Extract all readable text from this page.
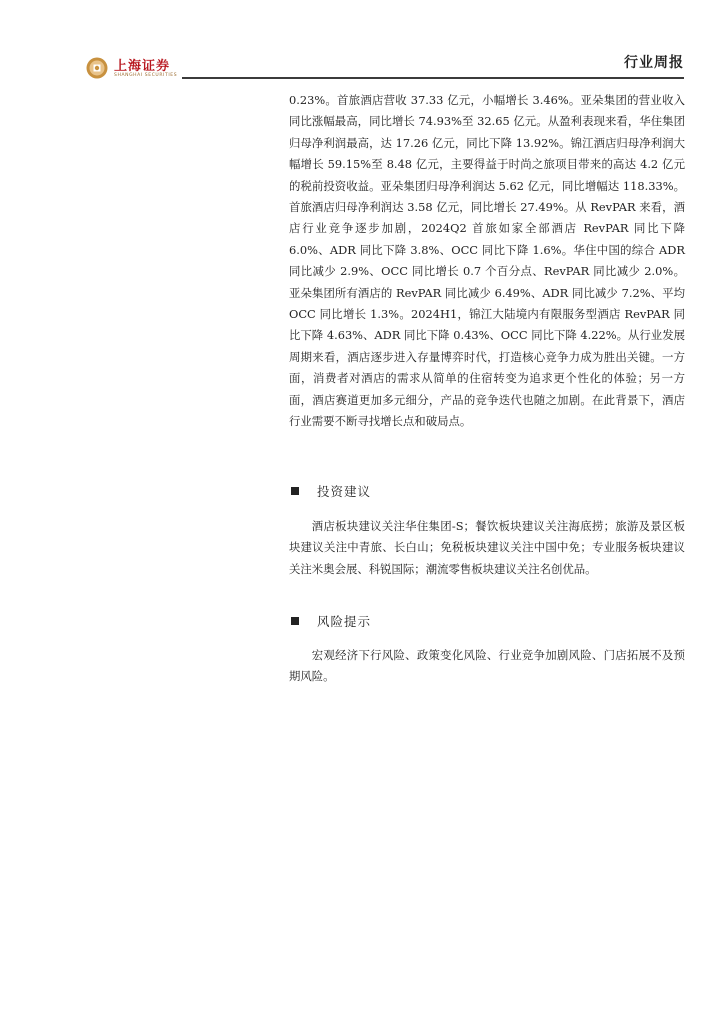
上海证券
SHANGHAI SECURITIES
行业周报

0.23%。首旅酒店营收 37.33 亿元，小幅增长 3.46%。亚朵集团的营业收入同比涨幅最高，同比增长 74.93%至 32.65 亿元。从盈利表现来看，华住集团归母净利润最高，达 17.26 亿元，同比下降 13.92%。锦江酒店归母净利润大幅增长 59.15%至 8.48 亿元，主要得益于时尚之旅项目带来的高达 4.2 亿元的税前投资收益。亚朵集团归母净利润达 5.62 亿元，同比增幅达 118.33%。首旅酒店归母净利润达 3.58 亿元，同比增长 27.49%。从 RevPAR 来看，酒店行业竞争逐步加剧，2024Q2 首旅如家全部酒店 RevPAR 同比下降 6.0%、ADR 同比下降 3.8%、OCC 同比下降 1.6%。华住中国的综合 ADR 同比减少 2.9%、OCC 同比增长 0.7 个百分点、RevPAR 同比减少 2.0%。亚朵集团所有酒店的 RevPAR 同比减少 6.49%、ADR 同比减少 7.2%、平均 OCC 同比增长 1.3%。2024H1，锦江大陆境内有限服务型酒店 RevPAR 同比下降 4.63%、ADR 同比下降 0.43%、OCC 同比下降 4.22%。从行业发展周期来看，酒店逐步进入存量博弈时代，打造核心竞争力成为胜出关键。一方面，消费者对酒店的需求从简单的住宿转变为追求更个性化的体验；另一方面，酒店赛道更加多元细分，产品的竞争迭代也随之加剧。在此背景下，酒店行业需要不断寻找增长点和破局点。

投资建议

酒店板块建议关注华住集团-S；餐饮板块建议关注海底捞；旅游及景区板块建议关注中青旅、长白山；免税板块建议关注中国中免；专业服务板块建议关注米奥会展、科锐国际；潮流零售板块建议关注名创优品。

风险提示

宏观经济下行风险、政策变化风险、行业竞争加剧风险、门店拓展不及预期风险。
